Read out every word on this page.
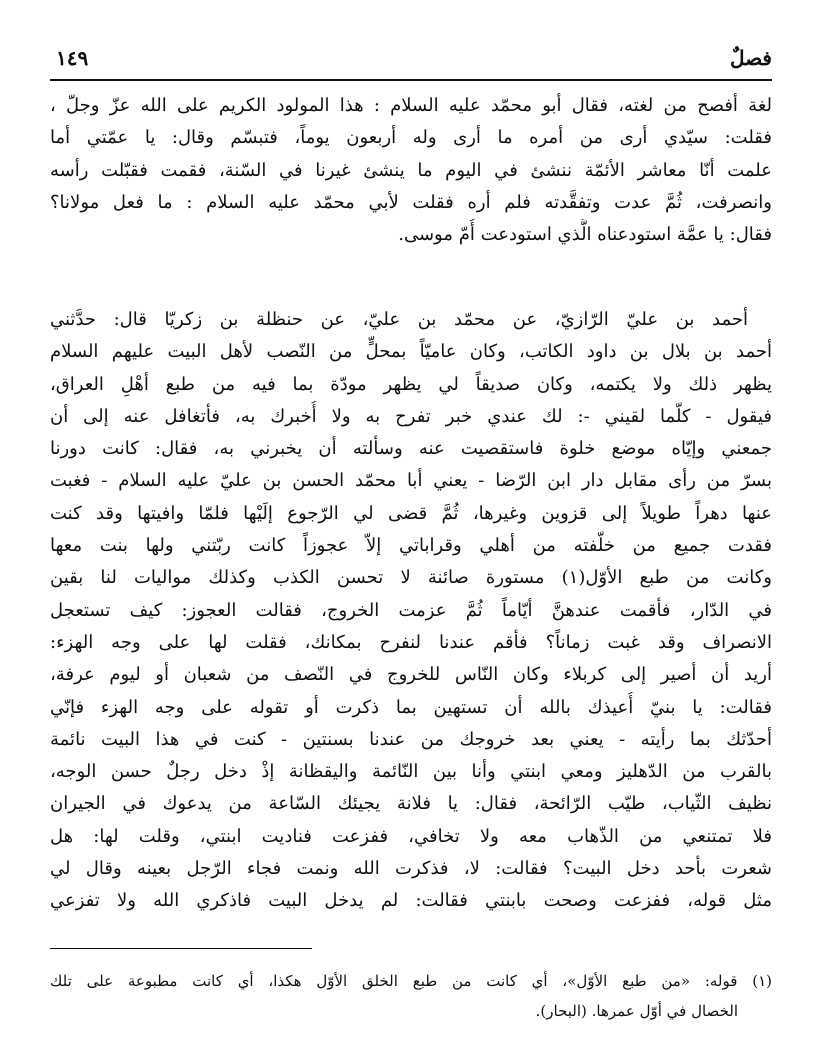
فصلٌ
١٤٩
لغة أفصح من لغته، فقال أبو محمّد عليه السلام : هذا المولود الكريم على الله عزّ وجلّ ،
فقلت: سيّدي أرى من أمره ما أرى وله أربعون يوماً، فتبسّم وقال: يا عمّتي أما
علمت أنّا معاشر الأئمّة ننشئ في اليوم ما ينشئ غيرنا في السّنة، فقمت فقبّلت رأسه
وانصرفت، ثُمَّ عدت وتفقَّدته فلم أره فقلت لأبي محمّد عليه السلام : ما فعل مولانا؟
فقال: يا عمَّة استودعناه الَّذي استودعت أُمّ موسى.
أحمد بن عليّ الرّازيّ، عن محمّد بن عليّ، عن حنظلة بن زكريّا قال: حدَّثني
أحمد بن بلال بن داود الكاتب، وكان عاميّاً بمحلٍّ من النّصب لأهل البيت عليهم السلام
يظهر ذلك ولا يكتمه، وكان صديقاً لي يظهر مودّة بما فيه من طبع أهْلِ العراق،
فيقول - كلّما لقيني -: لك عندي خبر تفرح به ولا أُخبرك به، فأتغافل عنه إلى أن
جمعني وإيّاه موضع خلوة فاستقصيت عنه وسألته أن يخبرني به، فقال: كانت دورنا
بسرّ من رأى مقابل دار ابن الرّضا - يعني أبا محمّد الحسن بن عليّ عليه السلام - فغبت
عنها دهراً طويلاً إلى قزوين وغيرها، ثُمَّ قضى لي الرّجوع إلَيْها فلمّا وافيتها وقد كنت
فقدت جميع من خلّفته من أهلي وقراباتي إلاّ عجوزاً كانت ربّتني ولها بنت معها
وكانت من طبع الأوّل(١) مستورة صائنة لا تحسن الكذب وكذلك مواليات لنا بقين
في الدّار، فأقمت عندهنَّ أيّاماً ثُمَّ عزمت الخروج، فقالت العجوز: كيف تستعجل
الانصراف وقد غبت زماناً؟ فأقم عندنا لنفرح بمكانك، فقلت لها على وجه الهزء:
أريد أن أصير إلى كربلاء وكان النّاس للخروج في النّصف من شعبان أو ليوم عرفة،
فقالت: يا بنيّ أُعيذك بالله أن تستهين بما ذكرت أو تقوله على وجه الهزء فإنّي
أحدّثك بما رأيته - يعني بعد خروجك من عندنا بسنتين - كنت في هذا البيت نائمة
بالقرب من الدّهليز ومعي ابنتي وأنا بين النّائمة واليقظانة إذْ دخل رجلٌ حسن الوجه،
نظيف الثّياب، طيّب الرّائحة، فقال: يا فلانة يجيئك السّاعة من يدعوك في الجيران
فلا تمتنعي من الذّهاب معه ولا تخافي، ففزعت فناديت ابنتي، وقلت لها: هل
شعرت بأحد دخل البيت؟ فقالت: لا، فذكرت الله ونمت فجاء الرّجل بعينه وقال لي
مثل قوله، ففزعت وصحت بابنتي فقالت: لم يدخل البيت فاذكري الله ولا تفزعي
(١) قوله: «من طبع الأوّل»، أي كانت من طبع الخلق الأوّل هكذا، أي كانت مطبوعة على تلك
الخصال في أوّل عمرها. (البحار).
